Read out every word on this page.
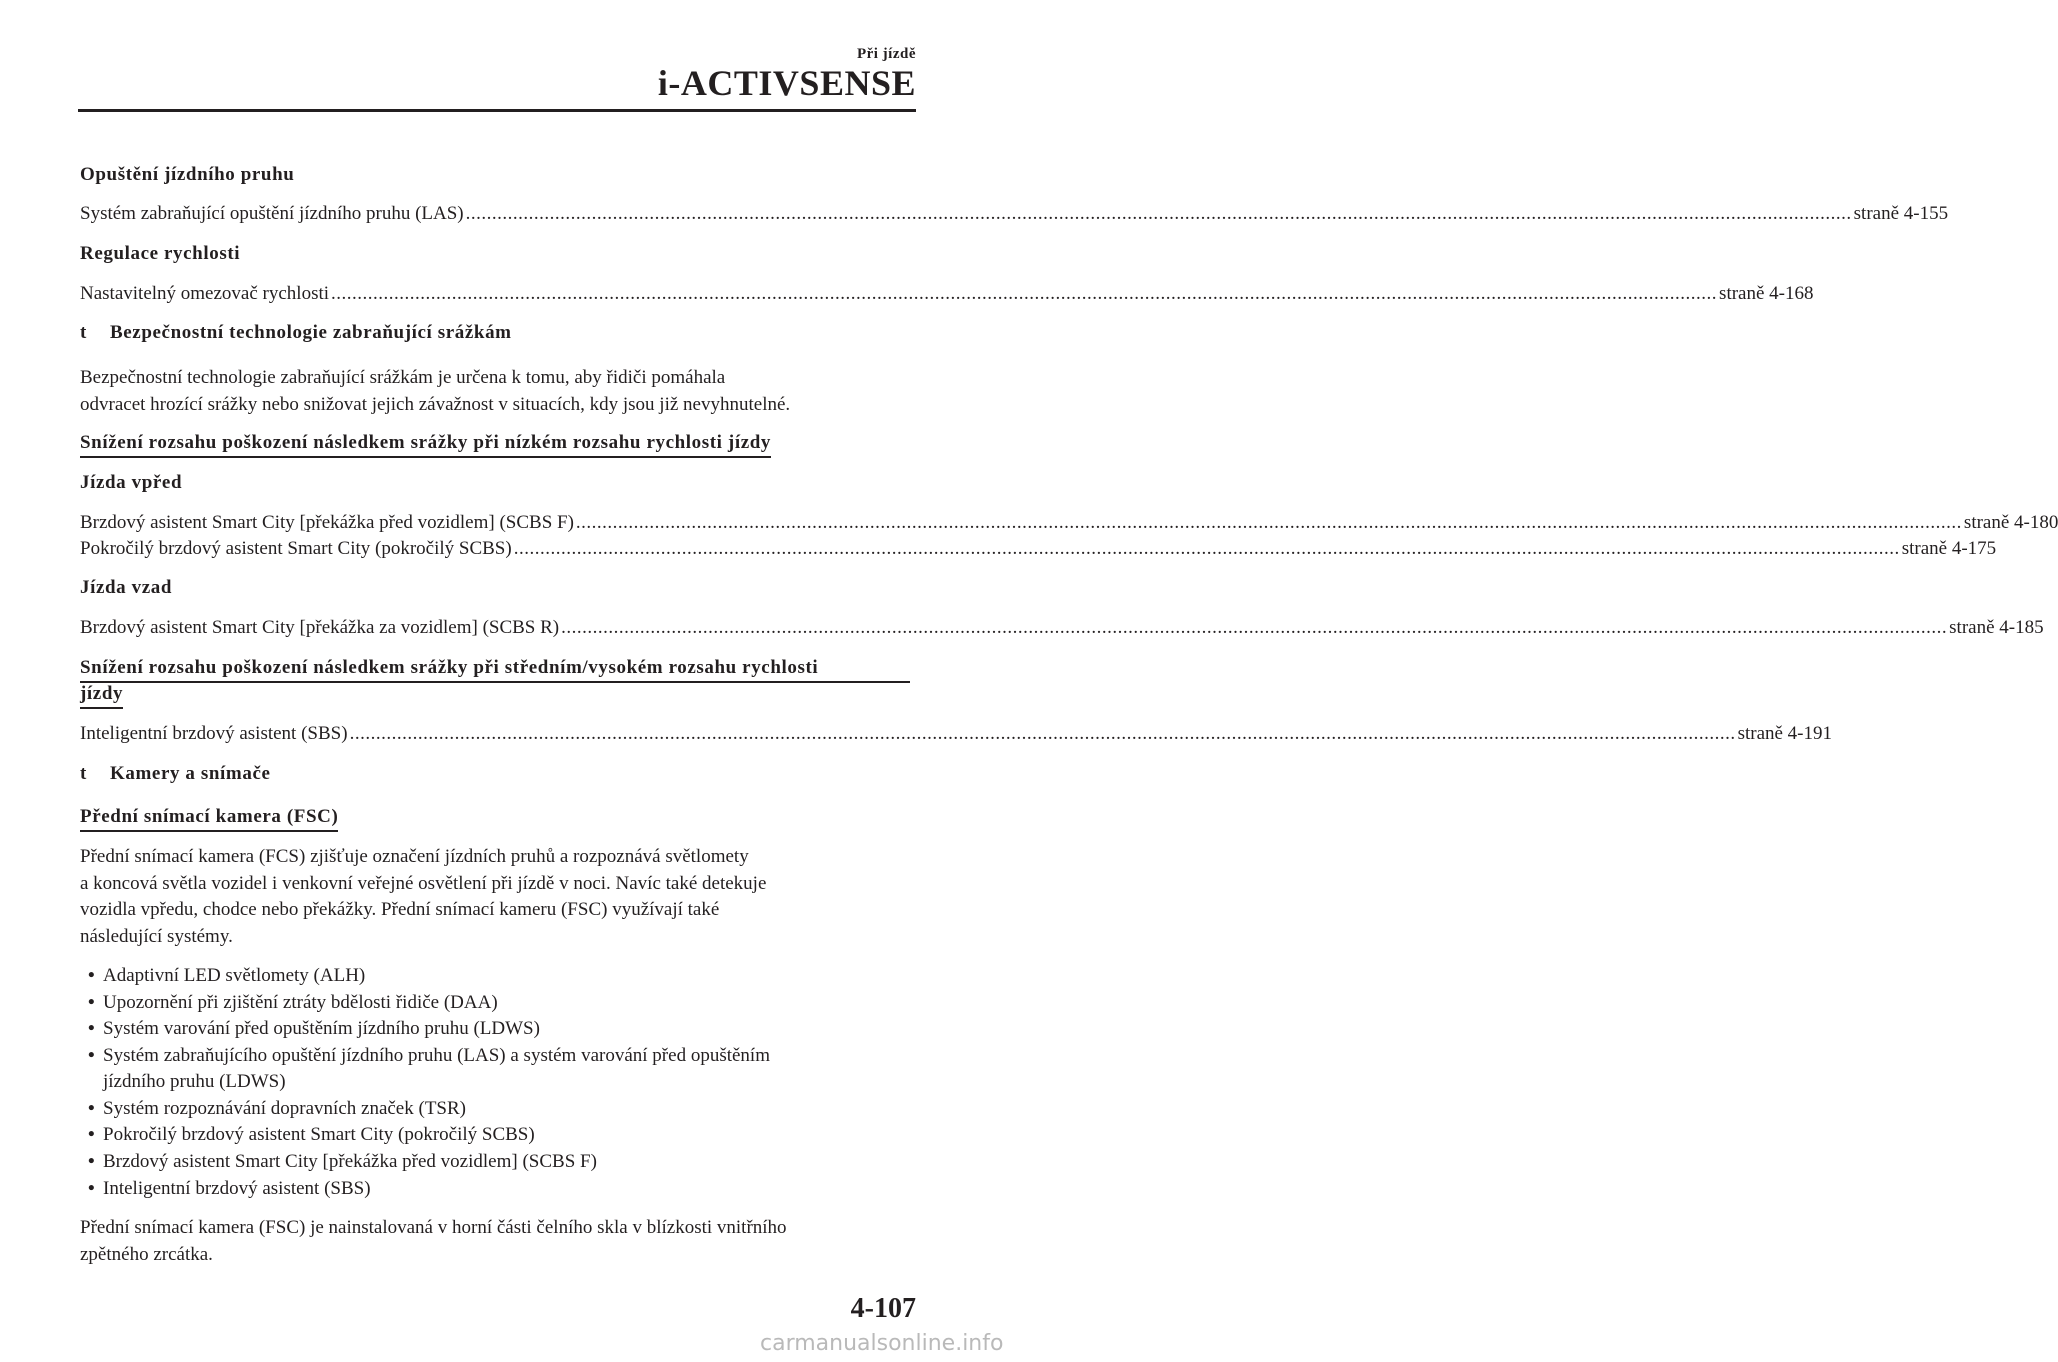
Při jízdě
i-ACTIVSENSE
Opuštění jízdního pruhu
Systém zabraňující opuštění jízdního pruhu (LAS) .....	straně 4-155
Regulace rychlosti
Nastavitelný omezovač rychlosti .....	straně 4-168
t Bezpečnostní technologie zabraňující srážkám
Bezpečnostní technologie zabraňující srážkám je určena k tomu, aby řidiči pomáhala
odvracet hrozící srážky nebo snižovat jejich závažnost v situacích, kdy jsou již nevyhnutelné.
Snížení rozsahu poškození následkem srážky při nízkém rozsahu rychlosti jízdy
Jízda vpřed
Brzdový asistent Smart City [překážka před vozidlem] (SCBS F) .....	straně 4-180
Pokročilý brzdový asistent Smart City (pokročilý SCBS) .....	straně 4-175
Jízda vzad
Brzdový asistent Smart City [překážka za vozidlem] (SCBS R) .....	straně 4-185
Snížení rozsahu poškození následkem srážky při středním/vysokém rozsahu rychlosti
jízdy
Inteligentní brzdový asistent (SBS) .....	straně 4-191
t Kamery a snímače
Přední snímací kamera (FSC)
Přední snímací kamera (FCS) zjišťuje označení jízdních pruhů a rozpoznává světlomety
a koncová světla vozidel i venkovní veřejné osvětlení při jízdě v noci. Navíc také detekuje
vozidla vpředu, chodce nebo překážky. Přední snímací kameru (FSC) využívají také
následující systémy.
• Adaptivní LED světlomety (ALH)
• Upozornění při zjištění ztráty bdělosti řidiče (DAA)
• Systém varování před opuštěním jízdního pruhu (LDWS)
• Systém zabraňujícího opuštění jízdního pruhu (LAS) a systém varování před opuštěním
jízdního pruhu (LDWS)
• Systém rozpoznávání dopravních značek (TSR)
• Pokročilý brzdový asistent Smart City (pokročilý SCBS)
• Brzdový asistent Smart City [překážka před vozidlem] (SCBS F)
• Inteligentní brzdový asistent (SBS)
Přední snímací kamera (FSC) je nainstalovaná v horní části čelního skla v blízkosti vnitřního
zpětného zrcátka.
4-107
carmanualsonline.info
